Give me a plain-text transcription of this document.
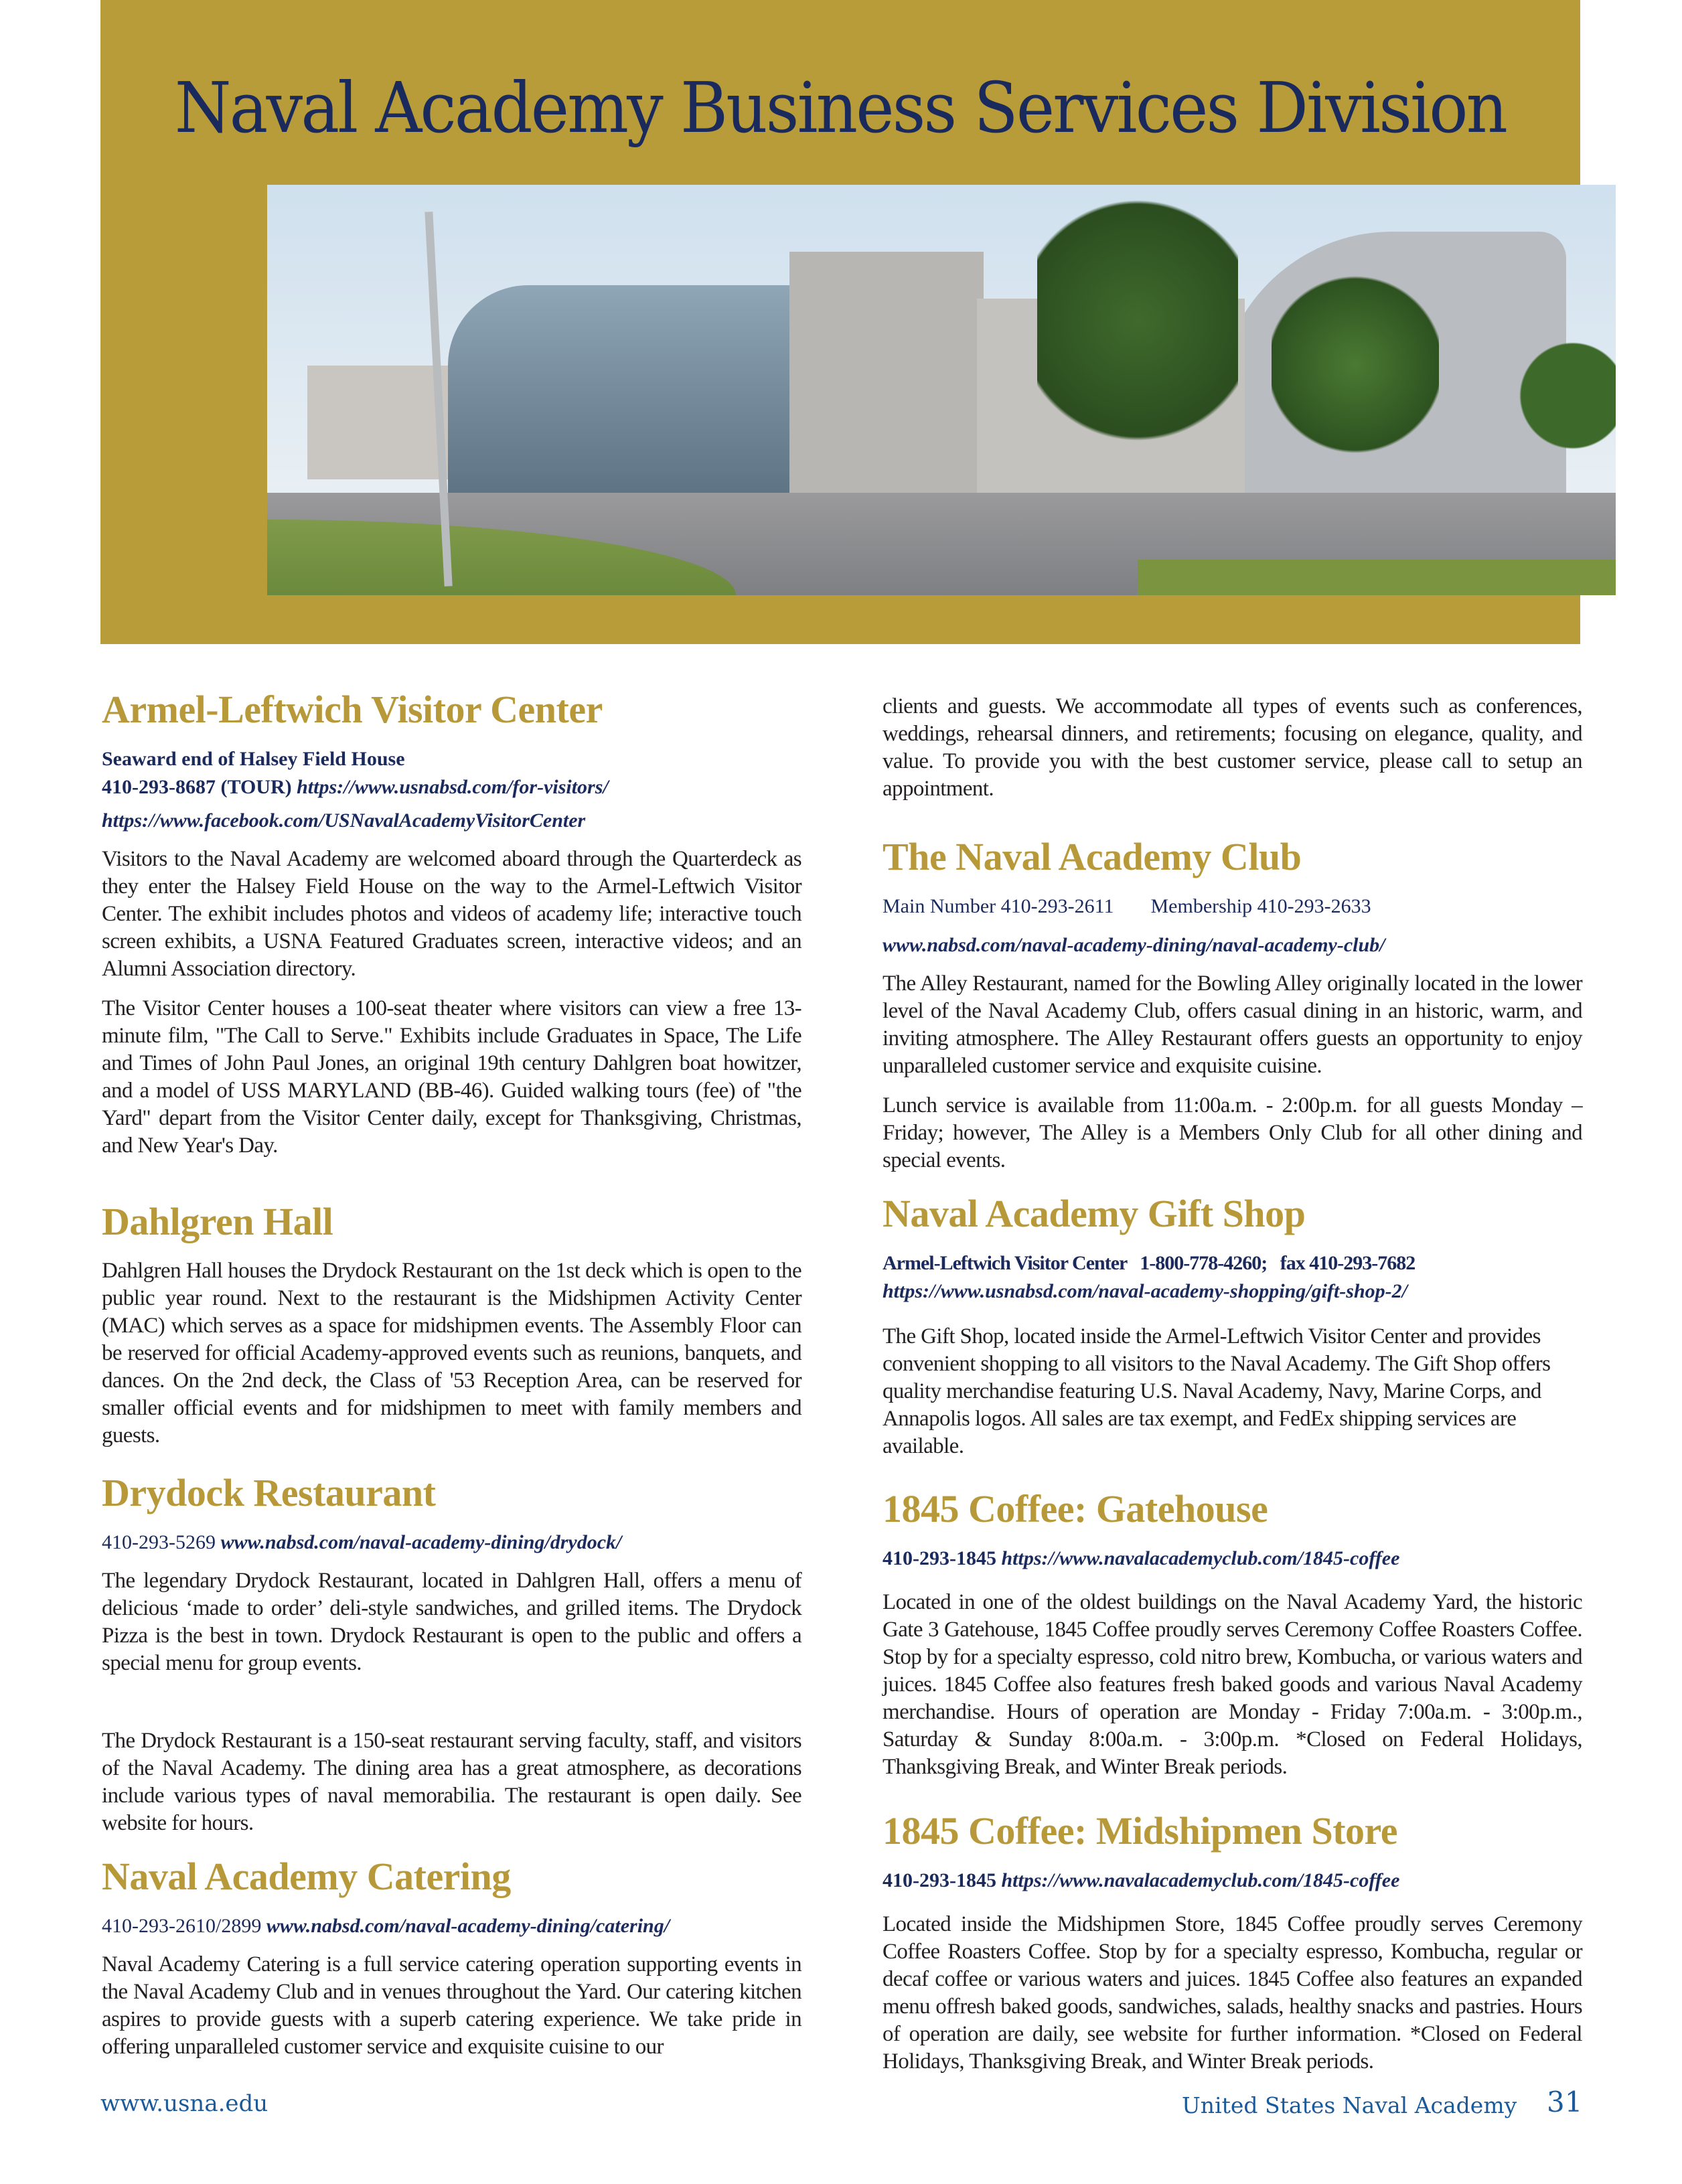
Naval Academy Business Services Division
Armel-Leftwich Visitor Center
Seaward end of Halsey Field House
410-293-8687 (TOUR) https://www.usnabsd.com/for-visitors/
https://www.facebook.com/USNavalAcademyVisitorCenter

Visitors to the Naval Academy are welcomed aboard through the Quarterdeck as they enter the Halsey Field House on the way to the Armel-Leftwich Visitor Center. The exhibit includes photos and videos of academy life; interactive touch screen exhibits, a USNA Featured Graduates screen, interactive videos; and an Alumni Association directory.

The Visitor Center houses a 100-seat theater where visitors can view a free 13-minute film, "The Call to Serve." Exhibits include Graduates in Space, The Life and Times of John Paul Jones, an original 19th century Dahlgren boat howitzer, and a model of USS MARYLAND (BB-46). Guided walking tours (fee) of "the Yard" depart from the Visitor Center daily, except for Thanksgiving, Christmas, and New Year's Day.

Dahlgren Hall

Dahlgren Hall houses the Drydock Restaurant on the 1st deck which is open to the public year round. Next to the restaurant is the Midshipmen Activity Center (MAC) which serves as a space for midshipmen events. The Assembly Floor can be reserved for official Academy-approved events such as reunions, banquets, and dances. On the 2nd deck, the Class of '53 Reception Area, can be reserved for smaller official events and for midshipmen to meet with family members and guests.

Drydock Restaurant
410-293-5269 www.nabsd.com/naval-academy-dining/drydock/

The legendary Drydock Restaurant, located in Dahlgren Hall, offers a menu of delicious ‘made to order’ deli-style sandwiches, and grilled items. The Drydock Pizza is the best in town. Drydock Restaurant is open to the public and offers a special menu for group events.

The Drydock Restaurant is a 150-seat restaurant serving faculty, staff, and visitors of the Naval Academy. The dining area has a great atmosphere, as decorations include various types of naval memorabilia. The restaurant is open daily. See website for hours.

Naval Academy Catering
410-293-2610/2899 www.nabsd.com/naval-academy-dining/catering/

Naval Academy Catering is a full service catering operation supporting events in the Naval Academy Club and in venues throughout the Yard. Our catering kitchen aspires to provide guests with a superb catering experience. We take pride in offering unparalleled customer service and exquisite cuisine to our

clients and guests. We accommodate all types of events such as conferences, weddings, rehearsal dinners, and retirements; focusing on elegance, quality, and value. To provide you with the best customer service, please call to setup an appointment.

The Naval Academy Club
Main Number 410-293-2611 Membership 410-293-2633
www.nabsd.com/naval-academy-dining/naval-academy-club/

The Alley Restaurant, named for the Bowling Alley originally located in the lower level of the Naval Academy Club, offers casual dining in an historic, warm, and inviting atmosphere. The Alley Restaurant offers guests an opportunity to enjoy unparalleled customer service and exquisite cuisine.

Lunch service is available from 11:00a.m. - 2:00p.m. for all guests Monday – Friday; however, The Alley is a Members Only Club for all other dining and special events.

Naval Academy Gift Shop
Armel-Leftwich Visitor Center   1-800-778-4260;   fax 410-293-7682
https://www.usnabsd.com/naval-academy-shopping/gift-shop-2/

The Gift Shop, located inside the Armel-Leftwich Visitor Center and provides convenient shopping to all visitors to the Naval Academy. The Gift Shop offers quality merchandise featuring U.S. Naval Academy, Navy, Marine Corps, and Annapolis logos. All sales are tax exempt, and FedEx shipping services are available.

1845 Coffee: Gatehouse
410-293-1845 https://www.navalacademyclub.com/1845-coffee

Located in one of the oldest buildings on the Naval Academy Yard, the historic Gate 3 Gatehouse, 1845 Coffee proudly serves Ceremony Coffee Roasters Coffee. Stop by for a specialty espresso, cold nitro brew, Kombucha, or various waters and juices. 1845 Coffee also features fresh baked goods and various Naval Academy merchandise. Hours of operation are Monday - Friday 7:00a.m. - 3:00p.m., Saturday & Sunday 8:00a.m. - 3:00p.m. *Closed on Federal Holidays, Thanksgiving Break, and Winter Break periods.

1845 Coffee: Midshipmen Store
410-293-1845 https://www.navalacademyclub.com/1845-coffee

Located inside the Midshipmen Store, 1845 Coffee proudly serves Ceremony Coffee Roasters Coffee. Stop by for a specialty espresso, Kombucha, regular or decaf coffee or various waters and juices. 1845 Coffee also features an expanded menu offresh baked goods, sandwiches, salads, healthy snacks and pastries. Hours of operation are daily, see website for further information. *Closed on Federal Holidays, Thanksgiving Break, and Winter Break periods.

www.usna.edu	United States Naval Academy 31
